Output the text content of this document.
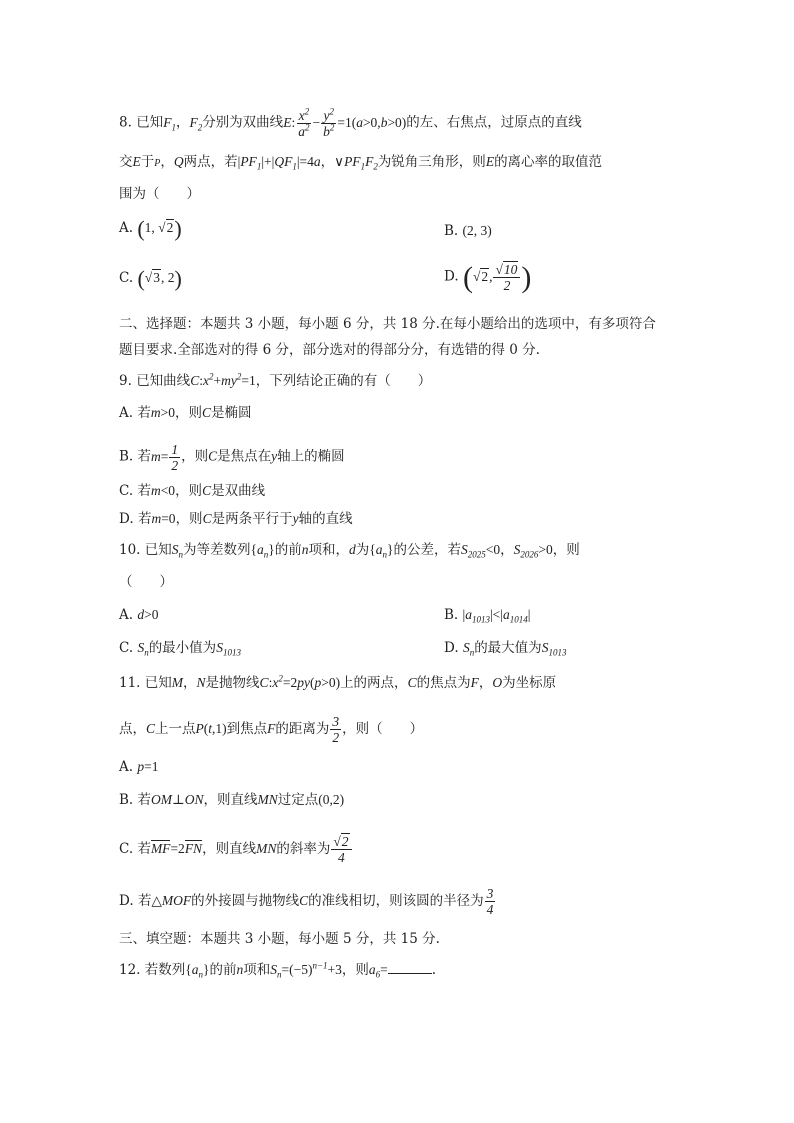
8. 已知$F_1$，$F_2$分别为双曲线E: $\frac{x^2}{a^2} - \frac{y^2}{b^2} =1(a>0,b>0)$的左、右焦点，过原点的直线
交E于P，Q两点，若$|PF_1|+|QF_1|=4a$，$\vee PF_1F_2$为锐角三角形，则E的离心率的取值范
围为（　　）
A. (1, √2)	B. (2, 3)
C. (√3, 2)	D. (√2, $\frac{√10}{2}$ )
二、选择题：本题共 3 小题，每小题 6 分，共 18 分.在每小题给出的选项中，有多项符合
题目要求.全部选对的得 6 分，部分选对的得部分分，有选错的得 0 分.
9. 已知曲线$C:x^2+my^2=1$，下列结论正确的有（　　）
A. 若m>0，则C是椭圆
B. 若$m= \frac{1}{2}$ ，则C是焦点在y轴上的椭圆
C. 若m<0，则C是双曲线
D. 若m=0，则C是两条平行于y轴的直线
10. 已知$S_n$为等差数列$\{a_n\}$的前n项和，d为$\{a_n\}$的公差，若$S_{2025}<0$，$S_{2026}>0$，则
（　　）
A. d>0	B. $|a_{1013}|<|a_{1014}|$
C. $S_n$的最小值为$S_{1013}$	D. $S_n$的最大值为$S_{1013}$
11. 已知M，N是抛物线$C:x^2=2py(p>0)$上的两点，C的焦点为F，O为坐标原
点，C上一点P(t,1)到焦点F的距离为 $\frac{3}{2}$ ，则（　　）
A. p=1
B. 若OM⊥ON，则直线MN过定点(0,2)
C. 若MF=2FN，则直线MN的斜率为 $\frac{√2}{4}$
D. 若△MOF的外接圆与抛物线C的准线相切，则该圆的半径为 $\frac{3}{4}$
三、填空题：本题共 3 小题，每小题 5 分，共 15 分.
12. 若数列$\{a_n\}$的前n项和$S_n=(-5)^{n-1}+3$，则$a_6=$	.
